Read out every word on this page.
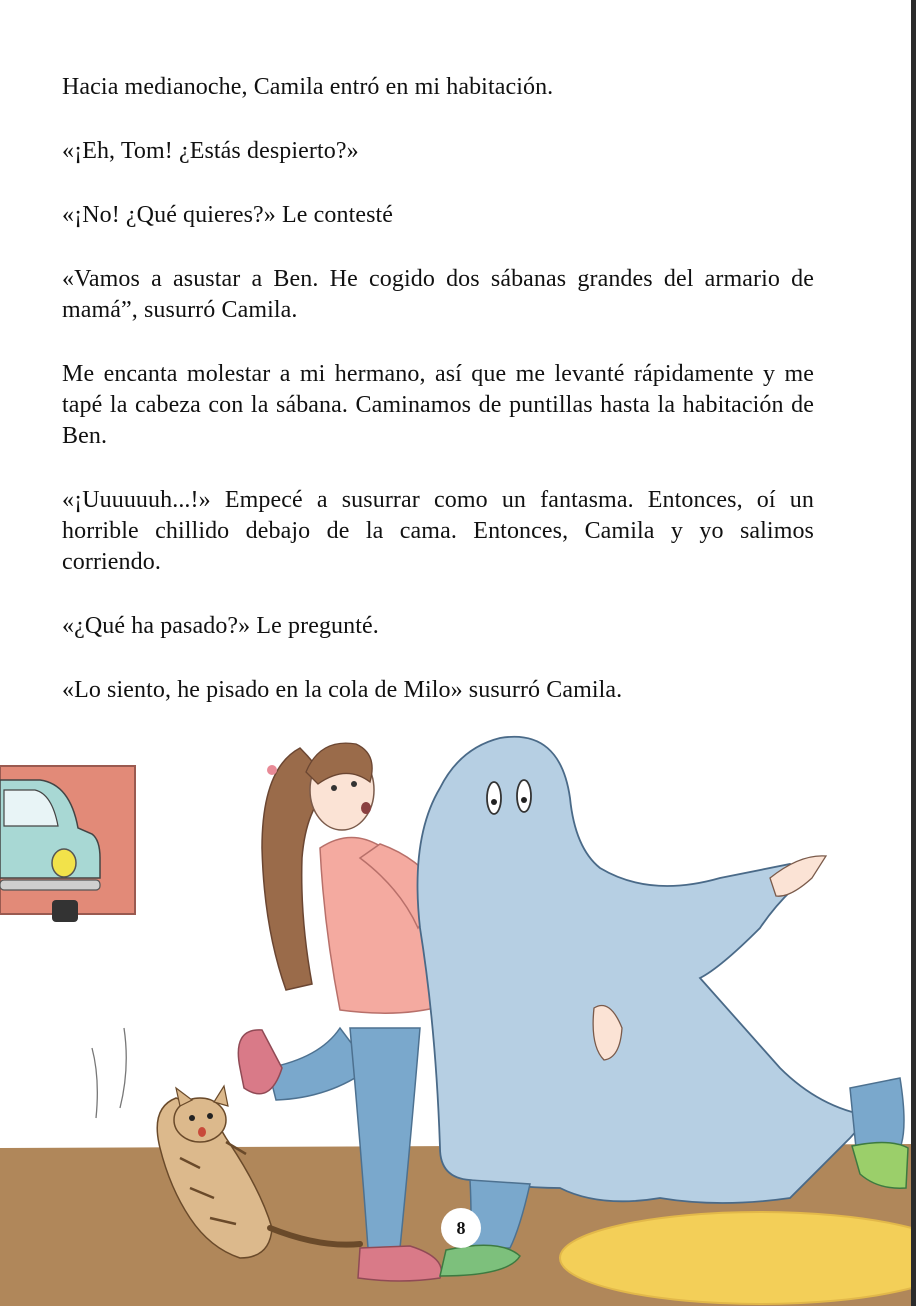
Hacia medianoche, Camila entró en mi habitación.

«¡Eh, Tom! ¿Estás despierto?»

«¡No! ¿Qué quieres?» Le contesté

«Vamos a asustar a Ben. He cogido dos sábanas grandes del armario de mamá”, susurró Camila.

Me encanta molestar a mi hermano, así que me levanté rápidamente y me tapé la cabeza con la sábana. Caminamos de puntillas hasta la habitación de Ben.

«¡Uuuuuuh...!» Empecé a susurrar como un fantasma. Entonces, oí un horrible chillido debajo de la cama. Entonces, Camila y yo salimos corriendo.

«¿Qué ha pasado?» Le pregunté.

«Lo siento, he pisado en la cola de Milo» susurró Camila.

8
